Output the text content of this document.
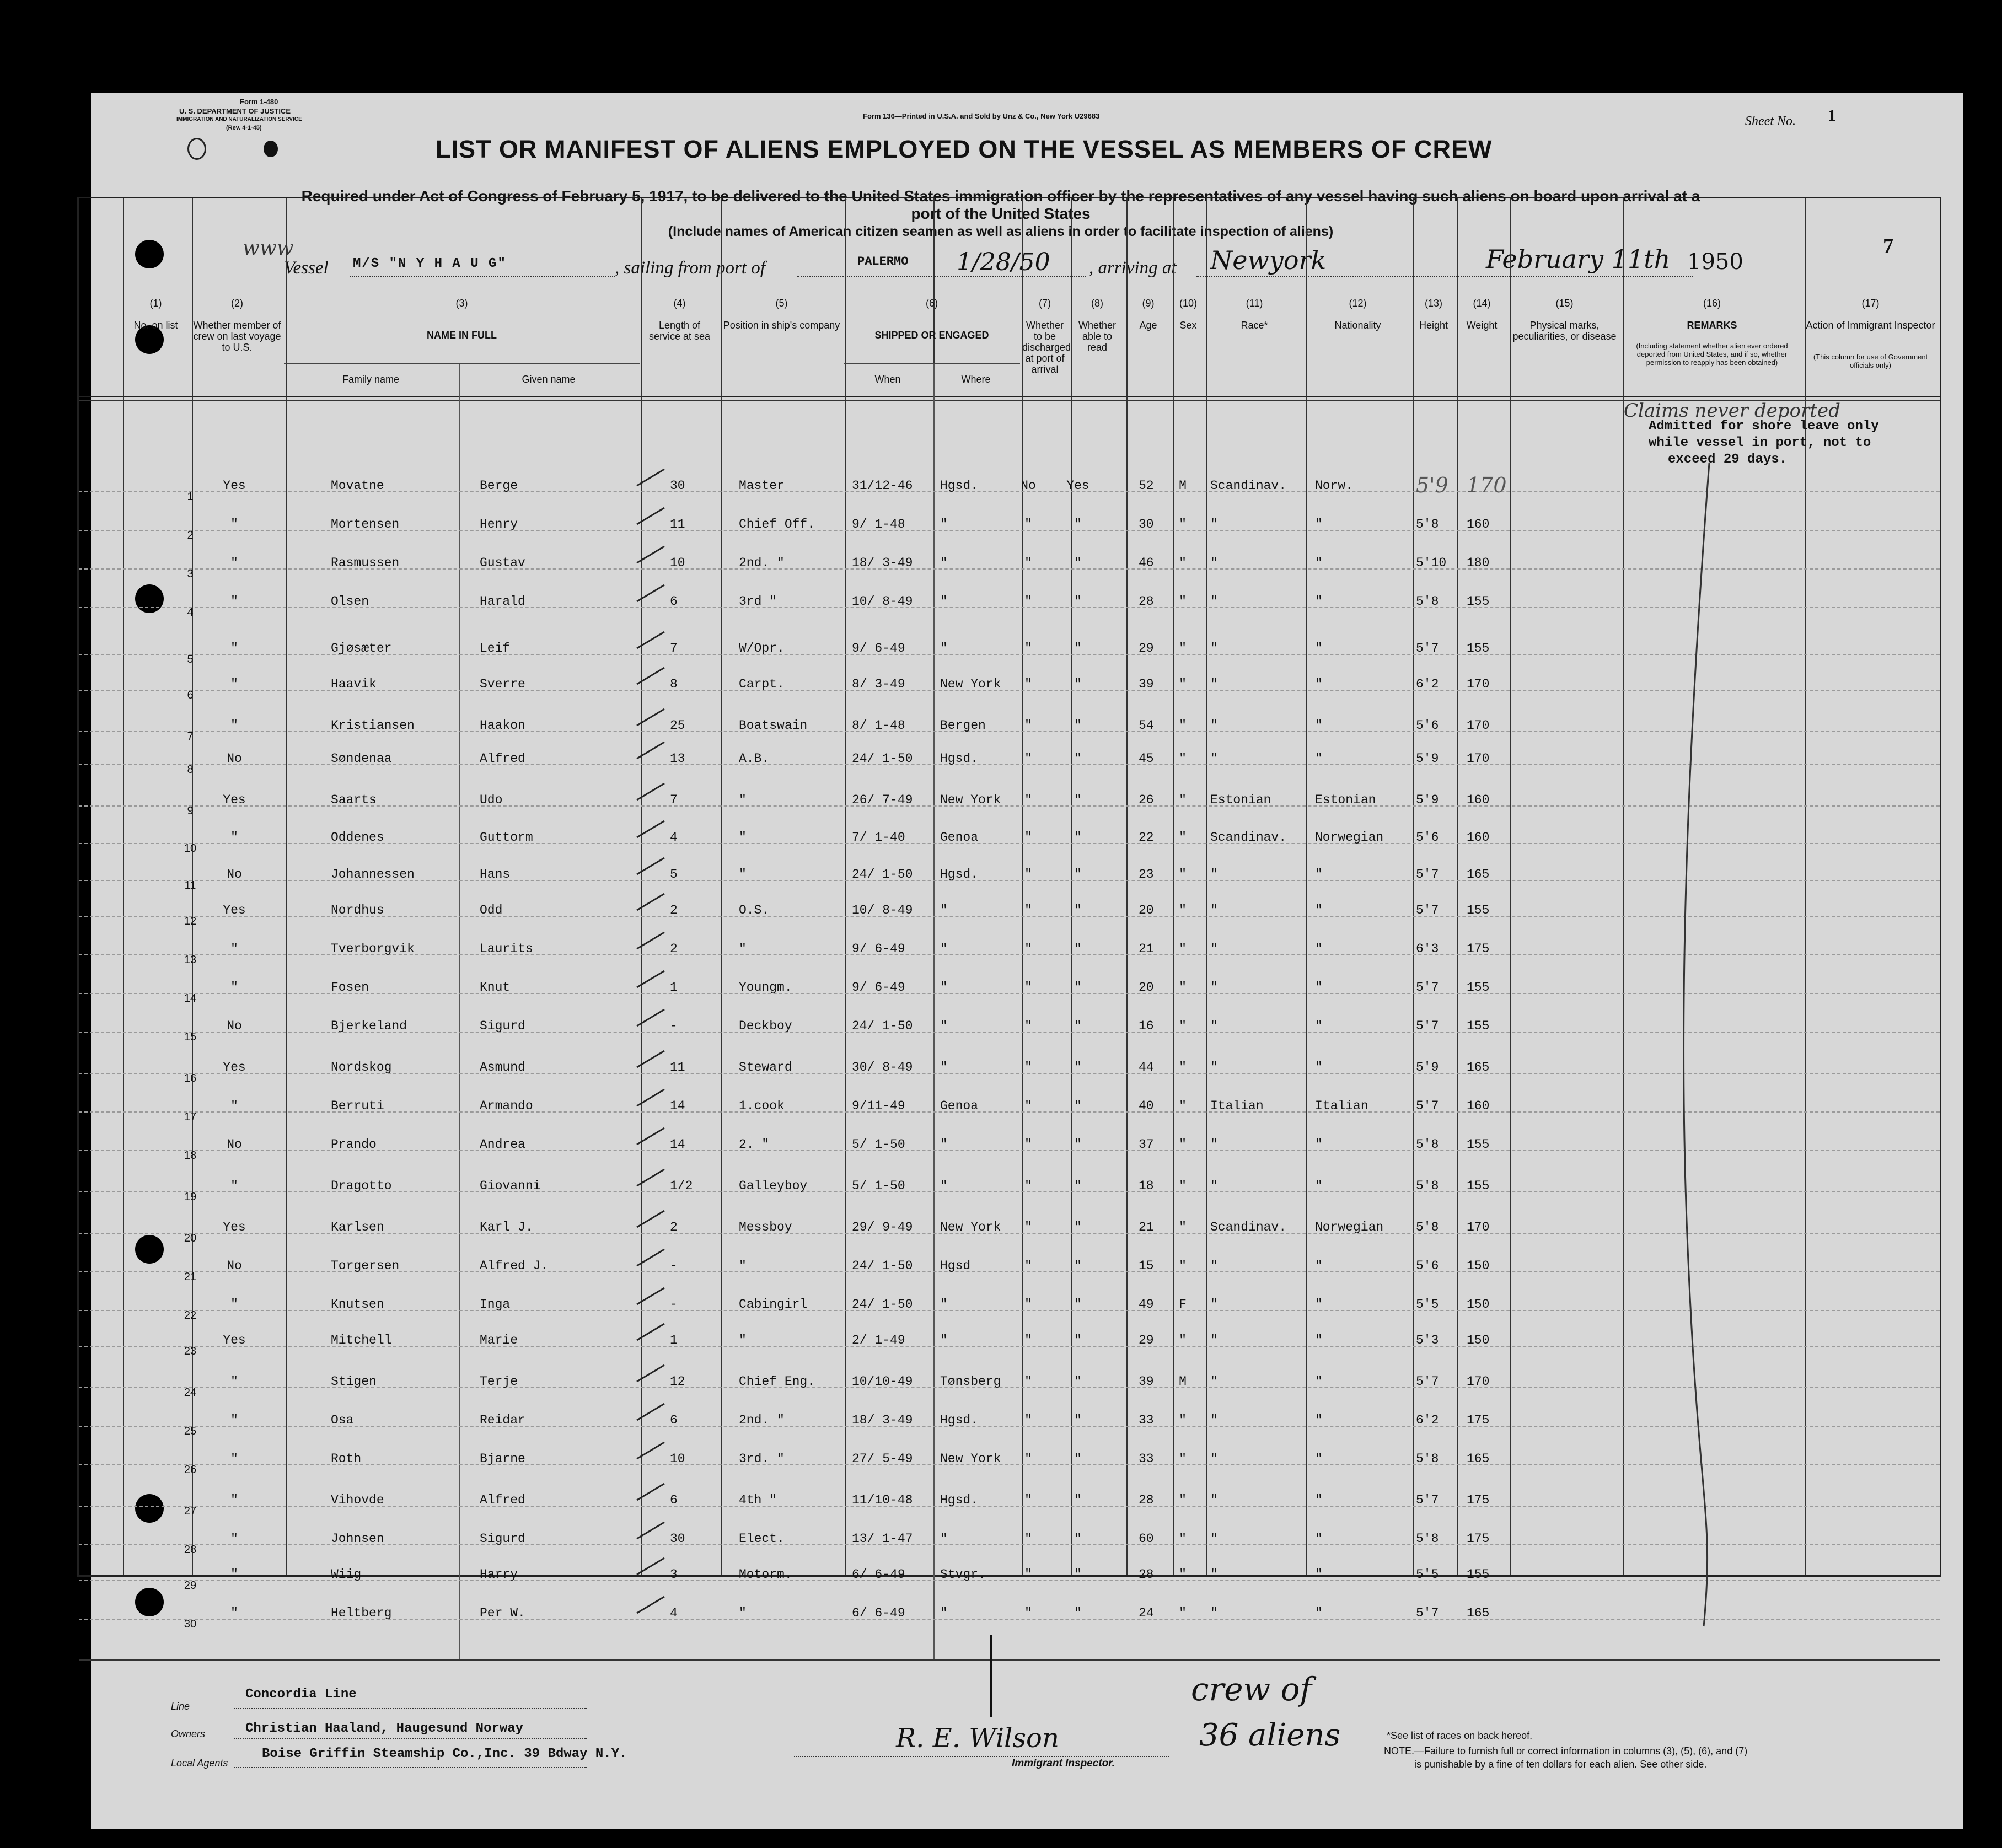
Form 1-480
U. S. DEPARTMENT OF JUSTICE
IMMIGRATION AND NATURALIZATION SERVICE
(Rev. 4-1-45)
Form 136—Printed in U.S.A. and Sold by Unz & Co., New York U29683	Sheet No. 1
7
LIST OR MANIFEST OF ALIENS EMPLOYED ON THE VESSEL AS MEMBERS OF CREW
Required under Act of Congress of February 5, 1917, to be delivered to the United States immigration officer by the representatives of any vessel having such aliens on board upon arrival at a
port of the United States
(Include names of American citizen seamen as well as aliens in order to facilitate inspection of aliens)
www
Vessel M/S "N Y H A U G"	, sailing from port of	PALERMO 1/28/50 , arriving at Newyork	February 11th 1950
(1)
No. on list
(2)
Whether member of crew on last voyage to U.S.
(3)
NAME IN FULL
(4)
Length of service at sea
(5)
Position in ship's company
(6)
SHIPPED OR ENGAGED
(7)
Whether to be discharged at port of arrival
(8)
Whether able to read
(9)
Age
(10)
Sex
(11)
Race*
(12)
Nationality
(13)
Height
(14)
Weight
(15)
Physical marks, peculiarities, or disease
(16)
REMARKS
(17)
Action of Immigrant Inspector
Family name	Given name	When	Where
(Including statement whether alien ever ordered deported from United States, and if so, whether permission to reapply has been obtained)
(This column for use of Government officials only)
1
Yes	Movatne	Berge	30	Master	31/12-46 Hgsd.	No	Yes	52	M	Scandinav. Norw.	5'9 170
2
"	Mortensen	Henry	11	Chief Off.	9/ 1-48	"	"	"	30	"	"	"	5'8 160
3
"	Rasmussen	Gustav	10	2nd. "	18/ 3-49 "	"	"	46	"	"	"	5'10 180
4
"	Olsen	Harald	6	3rd "	10/ 8-49 "	"	"	28	"	"	"	5'8 155
5
"	Gjøsæter	Leif	7	W/Opr.	9/ 6-49	"	"	"	29	"	"	"	5'7 155
6
"	Haavik	Sverre	8	Carpt.	8/ 3-49	New York	"	"	39	"	"	"	6'2 170
7
"	Kristiansen	Haakon	25	Boatswain	8/ 1-48	Bergen	"	"	54	"	"	"	5'6 170
8
No	Søndenaa	Alfred	13	A.B.	24/ 1-50 Hgsd.	"	"	45	"	"	"	5'9 170
9
Yes	Saarts	Udo	7	"	26/ 7-49 New York	"	"	26	"	Estonian	Estonian	5'9 160
10
"	Oddenes	Guttorm	4	"	7/ 1-40	Genoa	"	"	22	"	Scandinav. Norwegian	5'6 160
11
No	Johannessen	Hans	5	"	24/ 1-50 Hgsd.	"	"	23	"	"	"	5'7 165
12
Yes	Nordhus	Odd	2	O.S.	10/ 8-49 "	"	"	20	"	"	"	5'7 155
13
"	Tverborgvik	Laurits	2	"	9/ 6-49	"	"	"	21	"	"	"	6'3 175
14
"	Fosen	Knut	1	Youngm.	9/ 6-49	"	"	"	20	"	"	"	5'7 155
15
No	Bjerkeland	Sigurd	-	Deckboy	24/ 1-50 "	"	"	16	"	"	"	5'7 155
16
Yes	Nordskog	Asmund	11	Steward	30/ 8-49 "	"	"	44	"	"	"	5'9 165
17
"	Berruti	Armando	14	1.cook	9/11-49	Genoa	"	"	40	"	Italian	Italian	5'7 160
18
No	Prando	Andrea	14	2. "	5/ 1-50	"	"	"	37	"	"	"	5'8 155
19
"	Dragotto	Giovanni	1/2	Galleyboy	5/ 1-50	"	"	"	18	"	"	"	5'8 155
20
Yes	Karlsen	Karl J.	2	Messboy	29/ 9-49 New York	"	"	21	"	Scandinav. Norwegian	5'8 170
21
No	Torgersen	Alfred J.	-	"	24/ 1-50 Hgsd	"	"	15	"	"	"	5'6 150
22
"	Knutsen	Inga	-	Cabingirl	24/ 1-50 "	"	"	49	F	"	"	5'5 150
23
Yes	Mitchell	Marie	1	"	2/ 1-49	"	"	"	29	"	"	"	5'3 150
24
"	Stigen	Terje	12	Chief Eng.	10/10-49 Tønsberg	"	"	39	M	"	"	5'7 170
25
"	Osa	Reidar	6	2nd. "	18/ 3-49 Hgsd.	"	"	33	"	"	"	6'2 175
26
"	Roth	Bjarne	10	3rd. "	27/ 5-49 New York	"	"	33	"	"	"	5'8 165
27
"	Vihovde	Alfred	6	4th "	11/10-48 Hgsd.	"	"	28	"	"	"	5'7 175
28
"	Johnsen	Sigurd	30	Elect.	13/ 1-47 "	"	"	60	"	"	"	5'8 175
29
"	Wiig	Harry	3	Motorm.	6/ 6-49	Stvgr.	"	"	28	"	"	"	5'5 155
30
"	Heltberg	Per W.	4	"	6/ 6-49	"	"	"	24	"	"	"	5'7 165
Claims never deported
Admitted for shore leave only
while vessel in port, not to
exceed 29 days.
Line
Concordia Line
Owners	Christian Haaland, Haugesund Norway
Local Agents
Boise Griffin Steamship Co.,Inc. 39 Bdway N.Y.
R. E. Wilson
Immigrant Inspector.
crew of
36 aliens	*See list of races on back hereof.
NOTE.—Failure to furnish full or correct information in columns (3), (5), (6), and (7)
is punishable by a fine of ten dollars for each alien. See other side.
